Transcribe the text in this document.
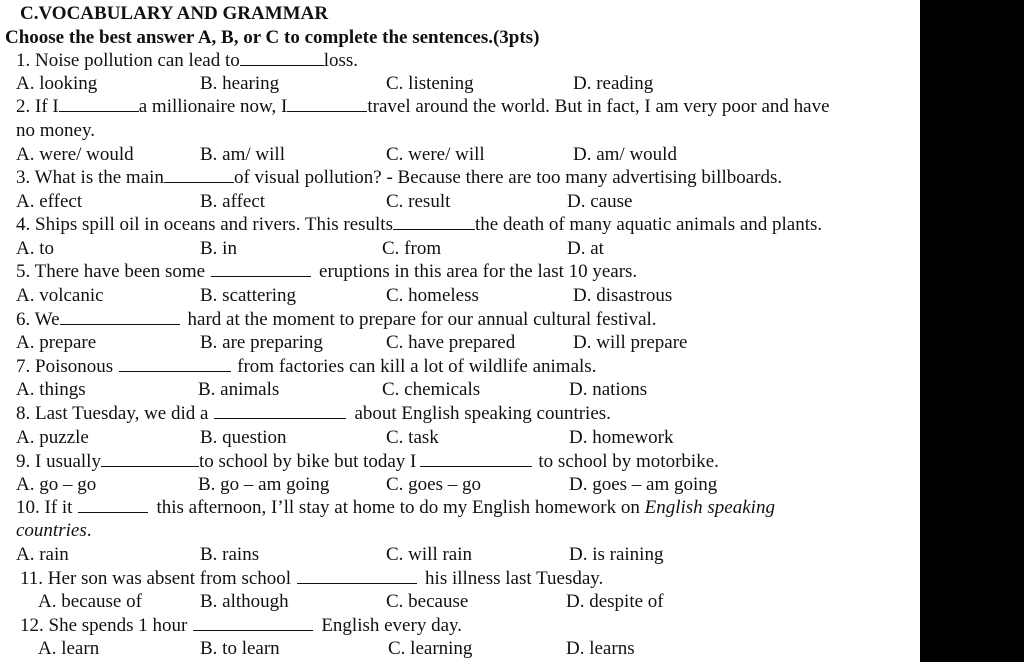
C.VOCABULARY AND GRAMMAR
Choose the best answer A, B, or C to complete the sentences.(3pts)
1. Noise pollution can lead to	loss.
A. looking	B. hearing	C. listening	D. reading
2. If I	a millionaire now, I	travel around the world. But in fact, I am very poor and have
no money.
A. were/ would	B. am/ will	C. were/ will	D. am/ would
3. What is the main	of visual pollution? - Because there are too many advertising billboards.
A. effect	B. affect	C. result	D. cause
4. Ships spill oil in oceans and rivers. This results	the death of many aquatic animals and plants.
A. to	B. in	C. from	D. at
5. There have been some	eruptions in this area for the last 10 years.
A. volcanic	B. scattering	C. homeless	D. disastrous
6. We	hard at the moment to prepare for our annual cultural festival.
A. prepare	B. are preparing	C. have prepared	D. will prepare
7. Poisonous	from factories can kill a lot of wildlife animals.
A. things	B. animals	C. chemicals	D. nations
8. Last Tuesday, we did a	about English speaking countries.
A. puzzle	B. question	C. task	D. homework
9. I usually	to school by bike but today I	to school by motorbike.
A. go – go	B. go – am going	C. goes – go	D. goes – am going
10. If it	this afternoon, I’ll stay at home to do my English homework on English speaking
countries.
A. rain	B. rains	C. will rain	D. is raining
11. Her son was absent from school	his illness last Tuesday.
A. because of	B. although	C. because	D. despite of
12. She spends 1 hour	English every day.
A. learn	B. to learn	C. learning	D. learns
